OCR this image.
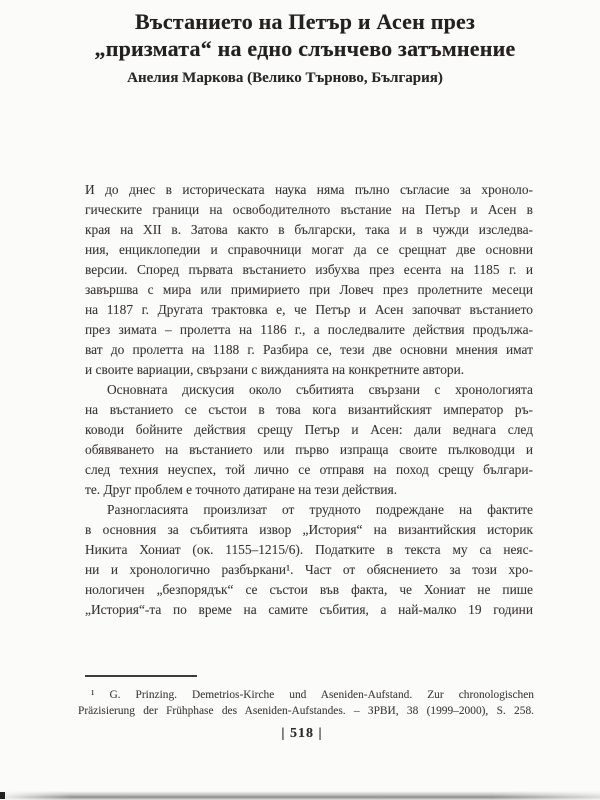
Въстанието на Петър и Асен през
„призмата“ на едно слънчево затъмнение
Анелия Маркова (Велико Търново, България)
И до днес в историческата наука няма пълно съгласие за хроноло-
гическите граници на освободителното въстание на Петър и Асен в
края на XII в. Затова както в български, така и в чужди изследва-
ния, енциклопедии и справочници могат да се срещнат две основни
версии. Според първата въстанието избухва през есента на 1185 г. и
завършва с мира или примирието при Ловеч през пролетните месеци
на 1187 г. Другата трактовка е, че Петър и Асен започват въстанието
през зимата – пролетта на 1186 г., а последвалите действия продължа-
ват до пролетта на 1188 г. Разбира се, тези две основни мнения имат
и своите вариации, свързани с вижданията на конкретните автори.
Основната дискусия около събитията свързани с хронологията
на въстанието се състои в това кога византийският император ръ-
ководи бойните действия срещу Петър и Асен: дали веднага след
обявяването на въстанието или първо изпраща своите пълководци и
след техния неуспех, той лично се отправя на поход срещу българи-
те. Друг проблем е точното датиране на тези действия.
Разногласията произлизат от трудното подреждане на фактите
в основния за събитията извор „История“ на византийския историк
Никита Хониат (ок. 1155–1215/6). Податките в текста му са неяс-
ни и хронологично разбъркани¹. Част от обяснението за този хро-
нологичен „безпорядък“ се състои във факта, че Хониат не пише
„История“-та по време на самите събития, а най-малко 19 години
¹ G. Prinzing. Demetrios-Kirche und Aseniden-Aufstand. Zur chronologischen
Präzisierung der Frühphase des Aseniden-Aufstandes. – ЗРВИ, 38 (1999–2000), S. 258.
| 518 |
